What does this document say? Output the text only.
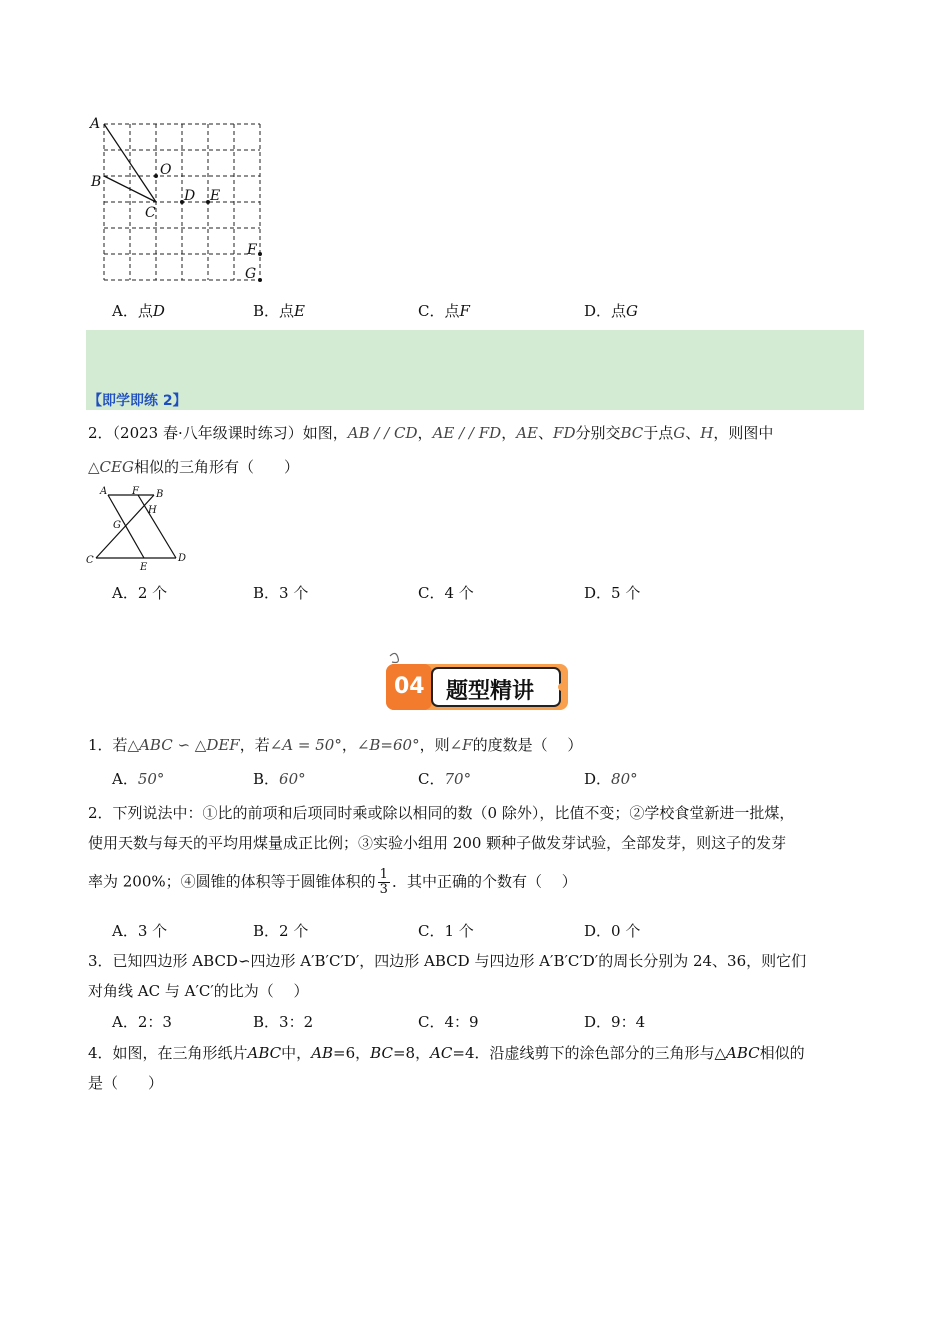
A
B
O
C
D E
F
G
A．点D	B．点E	C．点F	D．点G
【即学即练 2】
2．（2023 春·八年级课时练习）如图，AB / / CD，AE / / FD，AE、FD分别交BC于点G、H，则图中
△CEG相似的三角形有（　　）
A F B
H
G
C
E
D
A．2 个	B．3 个	C．4 个	D．5 个
04 题型精讲
1．若△ABC ∽ △DEF，若∠A = 50°，∠B=60°，则∠F的度数是（　 ）
A．50°	B．60°	C．70°	D．80°
2．下列说法中：①比的前项和后项同时乘或除以相同的数（0 除外），比值不变；②学校食堂新进一批煤，
使用天数与每天的平均用煤量成正比例；③实验小组用 200 颗种子做发芽试验，全部发芽，则这子的发芽
率为 200%；④圆锥的体积等于圆锥体积的 $\frac{1}{3}$ ．其中正确的个数有（　 ）
A．3 个	B．2 个	C．1 个	D．0 个
3．已知四边形 ABCD∽四边形 A′B′C′D′，四边形 ABCD 与四边形 A′B′C′D′的周长分别为 24、36，则它们
对角线 AC 与 A′C′的比为（　 ）
A．2：3	B．3：2	C．4：9	D．9：4
4．如图，在三角形纸片ABC中，AB=6，BC=8，AC=4．沿虚线剪下的涂色部分的三角形与△ABC相似的
是（　　）
